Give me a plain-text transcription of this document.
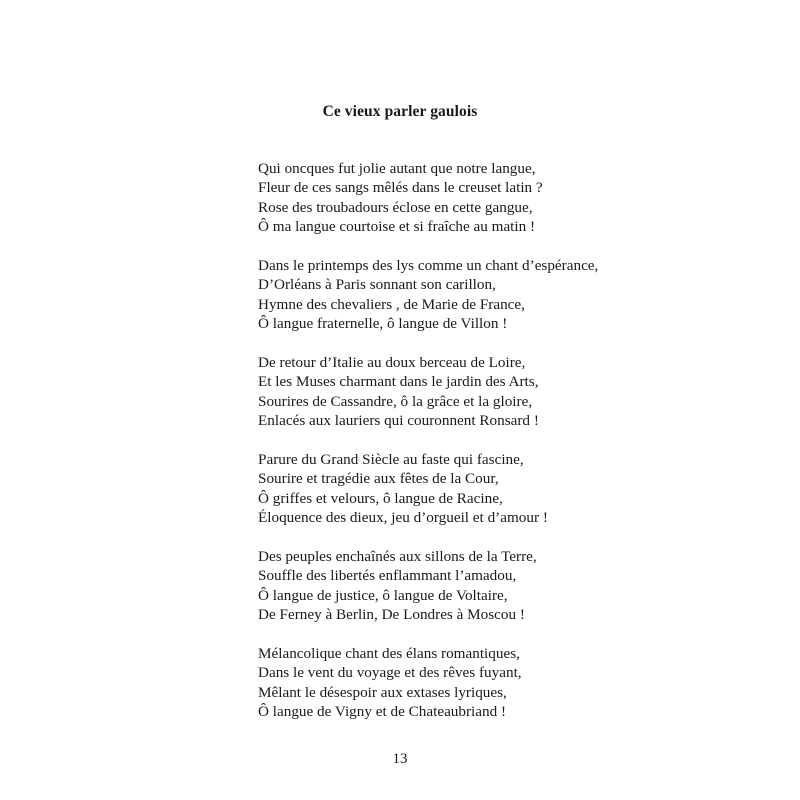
Ce vieux parler gaulois
Qui oncques fut jolie autant que notre langue,
Fleur de ces sangs mêlés dans le creuset latin ?
Rose des troubadours éclose en cette gangue,
Ô ma langue courtoise et si fraîche au matin !
Dans le printemps des lys comme un chant d’espérance,
D’Orléans à Paris sonnant son carillon,
Hymne des chevaliers , de Marie de France,
Ô langue fraternelle, ô langue de Villon !
De retour d’Italie au doux berceau de Loire,
Et les Muses charmant dans le jardin des Arts,
Sourires de Cassandre, ô la grâce et la gloire,
Enlacés aux lauriers qui couronnent Ronsard !
Parure du Grand Siècle au faste qui fascine,
Sourire et tragédie aux fêtes de la Cour,
Ô griffes et velours, ô langue de Racine,
Éloquence des dieux, jeu d’orgueil et d’amour !
Des peuples enchaînés aux sillons de la Terre,
Souffle des libertés enflammant l’amadou,
Ô langue de justice, ô langue de Voltaire,
De Ferney à Berlin, De Londres à Moscou !
Mélancolique chant des élans romantiques,
Dans le vent du voyage et des rêves fuyant,
Mêlant le désespoir aux extases lyriques,
Ô langue de Vigny et de Chateaubriand !
13
